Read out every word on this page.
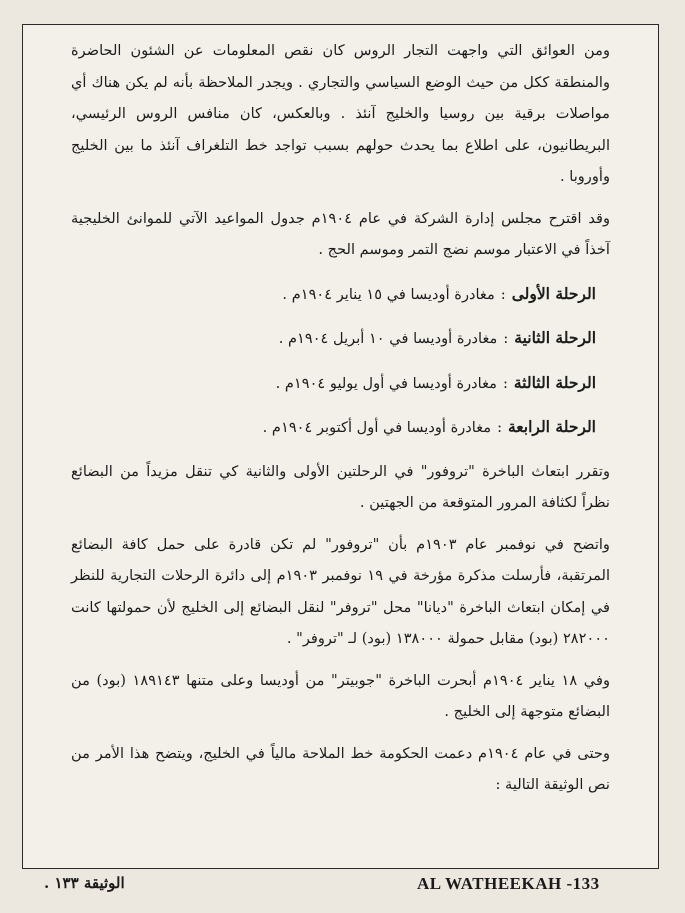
ومن العوائق التي واجهت التجار الروس كان نقص المعلومات عن الشئون الحاضرة والمنطقة ككل من حيث الوضع السياسي والتجاري . ويجدر الملاحظة بأنه لم يكن هناك أي مواصلات برقية بين روسيا والخليج آنئذ . وبالعكس، كان منافس الروس الرئيسي، البريطانيون، على اطلاع بما يحدث حولهم بسبب تواجد خط التلغراف آنئذ ما بين الخليج وأوروبا .

وقد اقترح مجلس إدارة الشركة في عام ١٩٠٤م جدول المواعيد الآتي للموانئ الخليجية آخذاً في الاعتبار موسم نضج التمر وموسم الحج .

الرحلة الأولى:مغادرة أوديسا في ١٥ يناير ١٩٠٤م .

الرحلة الثانية:مغادرة أوديسا في ١٠ أبريل ١٩٠٤م .

الرحلة الثالثة:مغادرة أوديسا في أول يوليو ١٩٠٤م .

الرحلة الرابعة:مغادرة أوديسا في أول أكتوبر ١٩٠٤م .

وتقرر ابتعاث الباخرة "تروفور" في الرحلتين الأولى والثانية كي تنقل مزيداً من البضائع نظراً لكثافة المرور المتوقعة من الجهتين .

واتضح في نوفمبر عام ١٩٠٣م بأن "تروفور" لم تكن قادرة على حمل كافة البضائع المرتقبة، فأرسلت مذكرة مؤرخة في ١٩ نوفمبر ١٩٠٣م إلى دائرة الرحلات التجارية للنظر في إمكان ابتعاث الباخرة "ديانا" محل "تروفر" لنقل البضائع إلى الخليج لأن حمولتها كانت ٢٨٢٠٠٠ (بود) مقابل حمولة ١٣٨٠٠٠ (بود) لـ "تروفر" .

وفي ١٨ يناير ١٩٠٤م أبحرت الباخرة "جوبيتر" من أوديسا وعلى متنها ١٨٩١٤٣ (بود) من البضائع متوجهة إلى الخليج .

وحتى في عام ١٩٠٤م دعمت الحكومة خط الملاحة مالياً في الخليج، ويتضح هذا الأمر من نص الوثيقة التالية :

AL WATHEEKAH -133
الوثيقة ١٣٣ .
